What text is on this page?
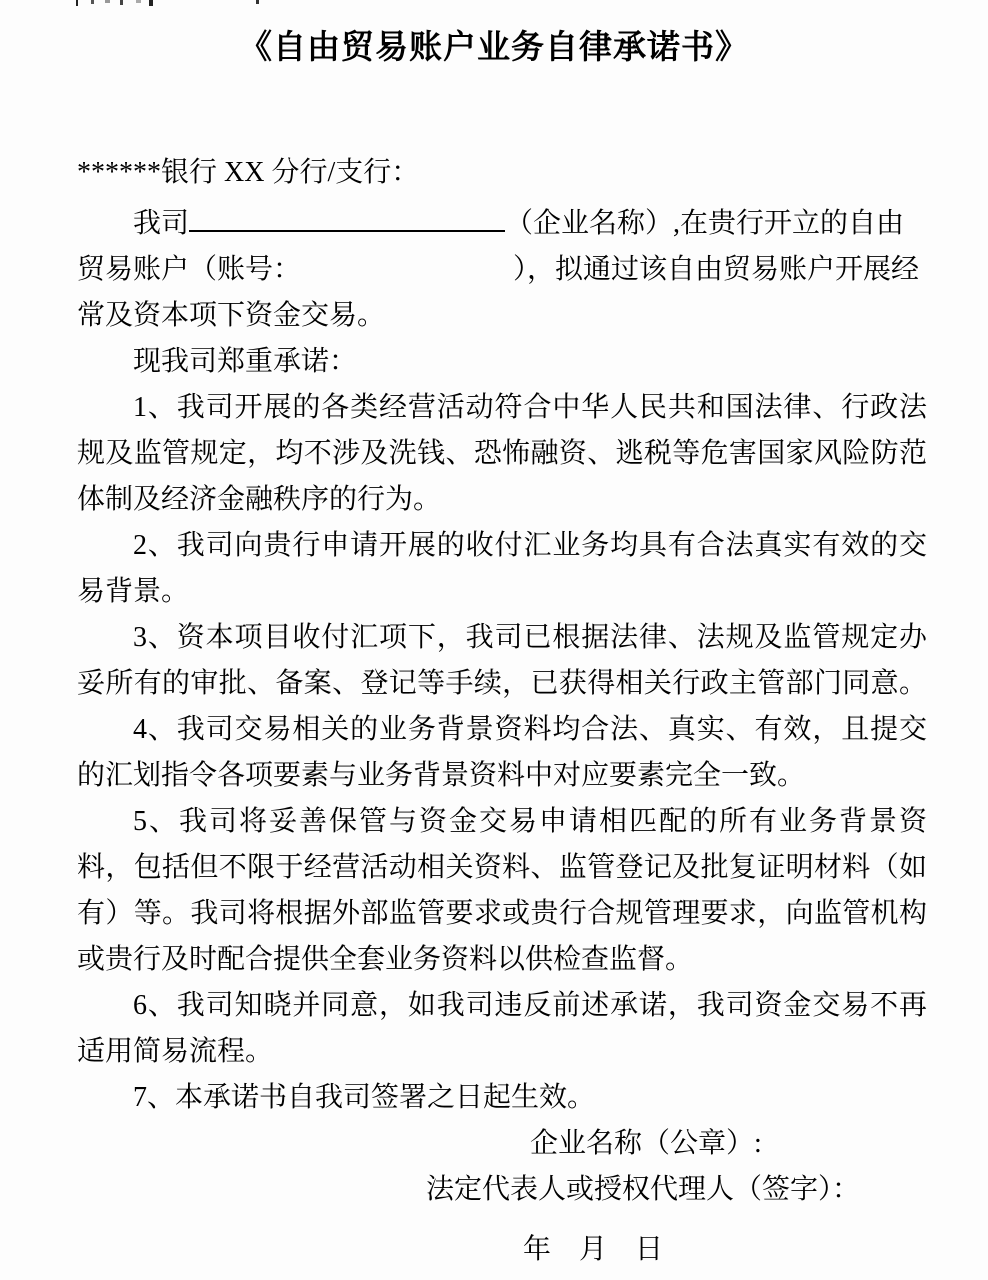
《自由贸易账户业务自律承诺书》
******银行 XX 分行/支行：
我司	（企业名称）,在贵行开立的自由
贸易账户（账号：	），拟通过该自由贸易账户开展经
常及资本项下资金交易。
现我司郑重承诺：
1、我司开展的各类经营活动符合中华人民共和国法律、行政法
规及监管规定，均不涉及洗钱、恐怖融资、逃税等危害国家风险防范
体制及经济金融秩序的行为。
2、我司向贵行申请开展的收付汇业务均具有合法真实有效的交
易背景。
3、资本项目收付汇项下，我司已根据法律、法规及监管规定办
妥所有的审批、备案、登记等手续，已获得相关行政主管部门同意。
4、我司交易相关的业务背景资料均合法、真实、有效，且提交
的汇划指令各项要素与业务背景资料中对应要素完全一致。
5、我司将妥善保管与资金交易申请相匹配的所有业务背景资
料，包括但不限于经营活动相关资料、监管登记及批复证明材料（如
有）等。我司将根据外部监管要求或贵行合规管理要求，向监管机构
或贵行及时配合提供全套业务资料以供检查监督。
6、我司知晓并同意，如我司违反前述承诺，我司资金交易不再
适用简易流程。
7、本承诺书自我司签署之日起生效。
企业名称（公章）:
法定代表人或授权代理人（签字）：
年　月　日
